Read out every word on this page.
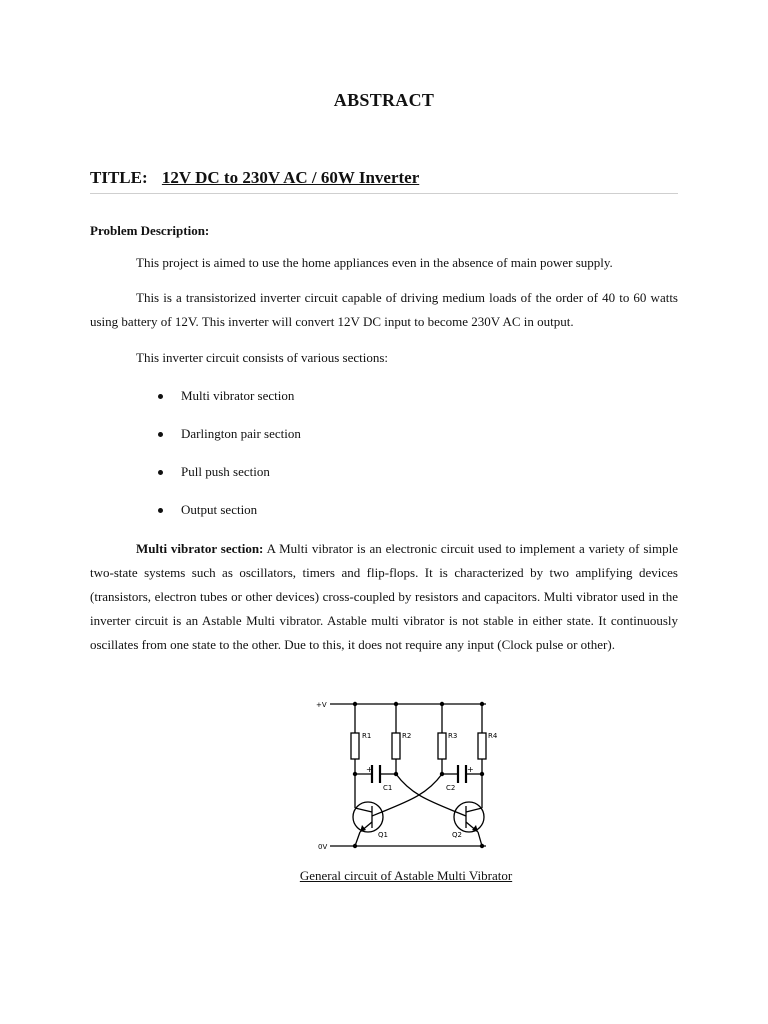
ABSTRACT
TITLE: 12V DC to 230V AC / 60W Inverter
Problem Description:
This project is aimed to use the home appliances even in the absence of main power supply.
This is a transistorized inverter circuit capable of driving medium loads of the order of 40 to 60 watts using battery of 12V. This inverter will convert 12V DC input to become 230V AC in output.
This inverter circuit consists of various sections:
Multi vibrator section
Darlington pair section
Pull push section
Output section
Multi vibrator section: A Multi vibrator is an electronic circuit used to implement a variety of simple two-state systems such as oscillators, timers and flip-flops. It is characterized by two amplifying devices (transistors, electron tubes or other devices) cross-coupled by resistors and capacitors. Multi vibrator used in the inverter circuit is an Astable Multi vibrator. Astable multi vibrator is not stable in either state. It continuously oscillates from one state to the other. Due to this, it does not require any input (Clock pulse or other).
+V
0V
R1	R2	R3	R4
C1	C2
Q1	Q2
+	+
General circuit of Astable Multi Vibrator
